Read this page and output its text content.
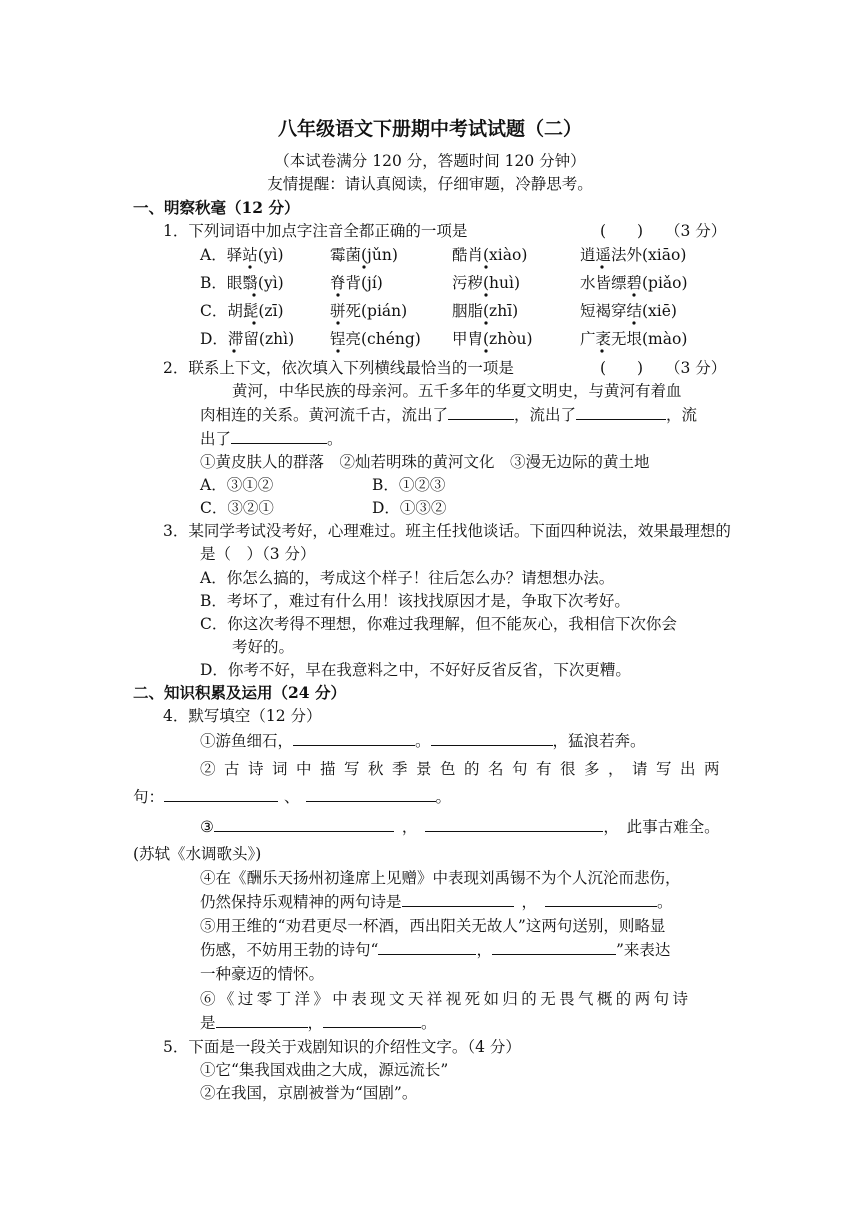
八年级语文下册期中考试试题（二）
（本试卷满分 120 分，答题时间 120 分钟）
友情提醒：请认真阅读，仔细审题，冷静思考。
一、明察秋毫（12 分）
1．下列词语中加点字注音全都正确的一项是	(　　) （3 分）
A．驿站(yì)	霉菌(jǔn)	酷肖(xiào)	逍遥法外(xiāo)
B．眼翳(yì)	脊背(jí)	污秽(huì)	水皆缥碧(piǎo)
C．胡髭(zī)	骈死(pián)	胭脂(zhī)	短褐穿结(xiē)
D．滞留(zhì) 锃亮(chéng) 甲胄(zhòu)	广袤无垠(mào)
2．联系上下文，依次填入下列横线最恰当的一项是	(　　) （3 分）
黄河，中华民族的母亲河。五千多年的华夏文明史，与黄河有着血
肉相连的关系。黄河流千古，流出了	，流出了	，流
出了	。
①黄皮肤人的群落　②灿若明珠的黄河文化　③漫无边际的黄土地
A．③①②	B．①②③
C．③②①	D．①③②
3．某同学考试没考好，心理难过。班主任找他谈话。下面四种说法，效果最理想的
是（　）（3 分）
A．你怎么搞的，考成这个样子！往后怎么办？请想想办法。
B．考坏了，难过有什么用！该找找原因才是，争取下次考好。
C．你这次考得不理想，你难过我理解，但不能灰心，我相信下次你会
考好的。
D．你考不好，早在我意料之中，不好好反省反省，下次更糟。
二、知识积累及运用（24 分）
4．默写填空（12 分）
①游鱼细石，	。	，猛浪若奔。
②古诗词中描写秋季景色的名句有很多，请写出两
句：	、	。
③	，	，　此事古难全。
(苏轼《水调歌头》)
④在《酬乐天扬州初逢席上见赠》中表现刘禹锡不为个人沉沦而悲伤，
仍然保持乐观精神的两句诗是	，	。
⑤用王维的“劝君更尽一杯酒，西出阳关无故人”这两句送别，则略显
伤感，不妨用王勃的诗句“	，	”来表达
一种豪迈的情怀。
⑥《过零丁洋》中表现文天祥视死如归的无畏气概的两句诗
是	，	。
5．下面是一段关于戏剧知识的介绍性文字。（4 分）
①它“集我国戏曲之大成，源远流长”
②在我国，京剧被誉为“国剧”。
